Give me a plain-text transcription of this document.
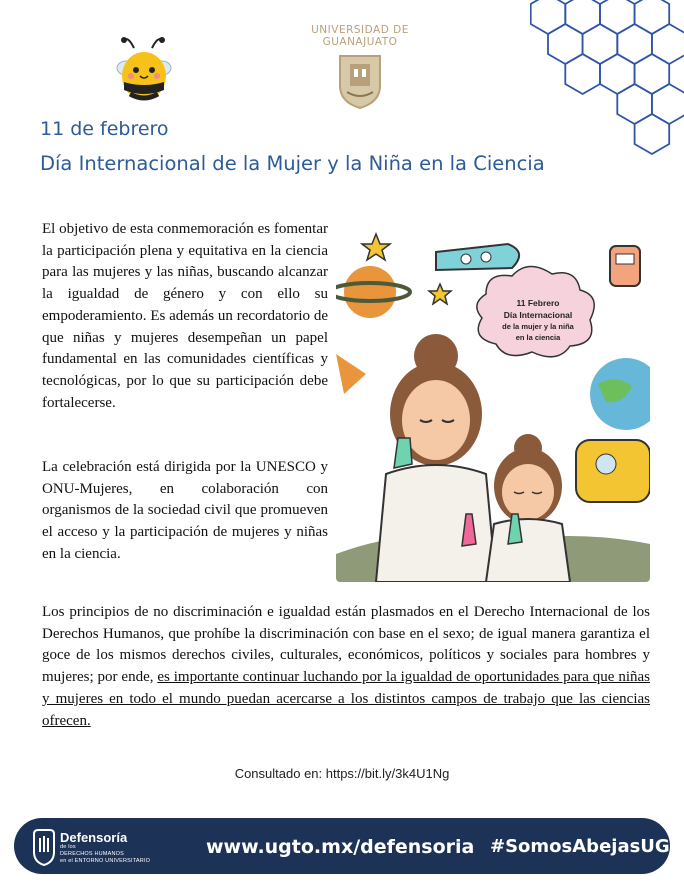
UNIVERSIDAD DE
GUANAJUATO
11 de febrero
Día Internacional de la Mujer y la Niña en la Ciencia

El objetivo de esta conmemoración es fomentar la participación plena y equitativa en la ciencia para las mujeres y las niñas, buscando alcanzar la igualdad de género y con ello su empoderamiento. Es además un recordatorio de que niñas y mujeres desempeñan un papel fundamental en las comunidades científicas y tecnológicas, por lo que su participación debe fortalecerse.

La celebración está dirigida por la UNESCO y ONU-Mujeres, en colaboración con organismos de la sociedad civil que promueven el acceso y la participación de mujeres y niñas en la ciencia.

Los principios de no discriminación e igualdad están plasmados en el Derecho Internacional de los Derechos Humanos, que prohíbe la discriminación con base en el sexo; de igual manera garantiza el goce de los mismos derechos civiles, culturales, económicos, políticos y sociales para hombres y mujeres; por ende, es importante continuar luchando por la igualdad de oportunidades para que niñas y mujeres en todo el mundo puedan acercarse a los distintos campos de trabajo que las ciencias ofrecen.

11 Febrero
Día Internacional
de la mujer y la niña
en la ciencia
Consultado en: https://bit.ly/3k4U1Ng
Defensoría
de los
DERECHOS HUMANOS
en el ENTORNO UNIVERSITARIO
www.ugto.mx/defensoria #SomosAbejasUG
